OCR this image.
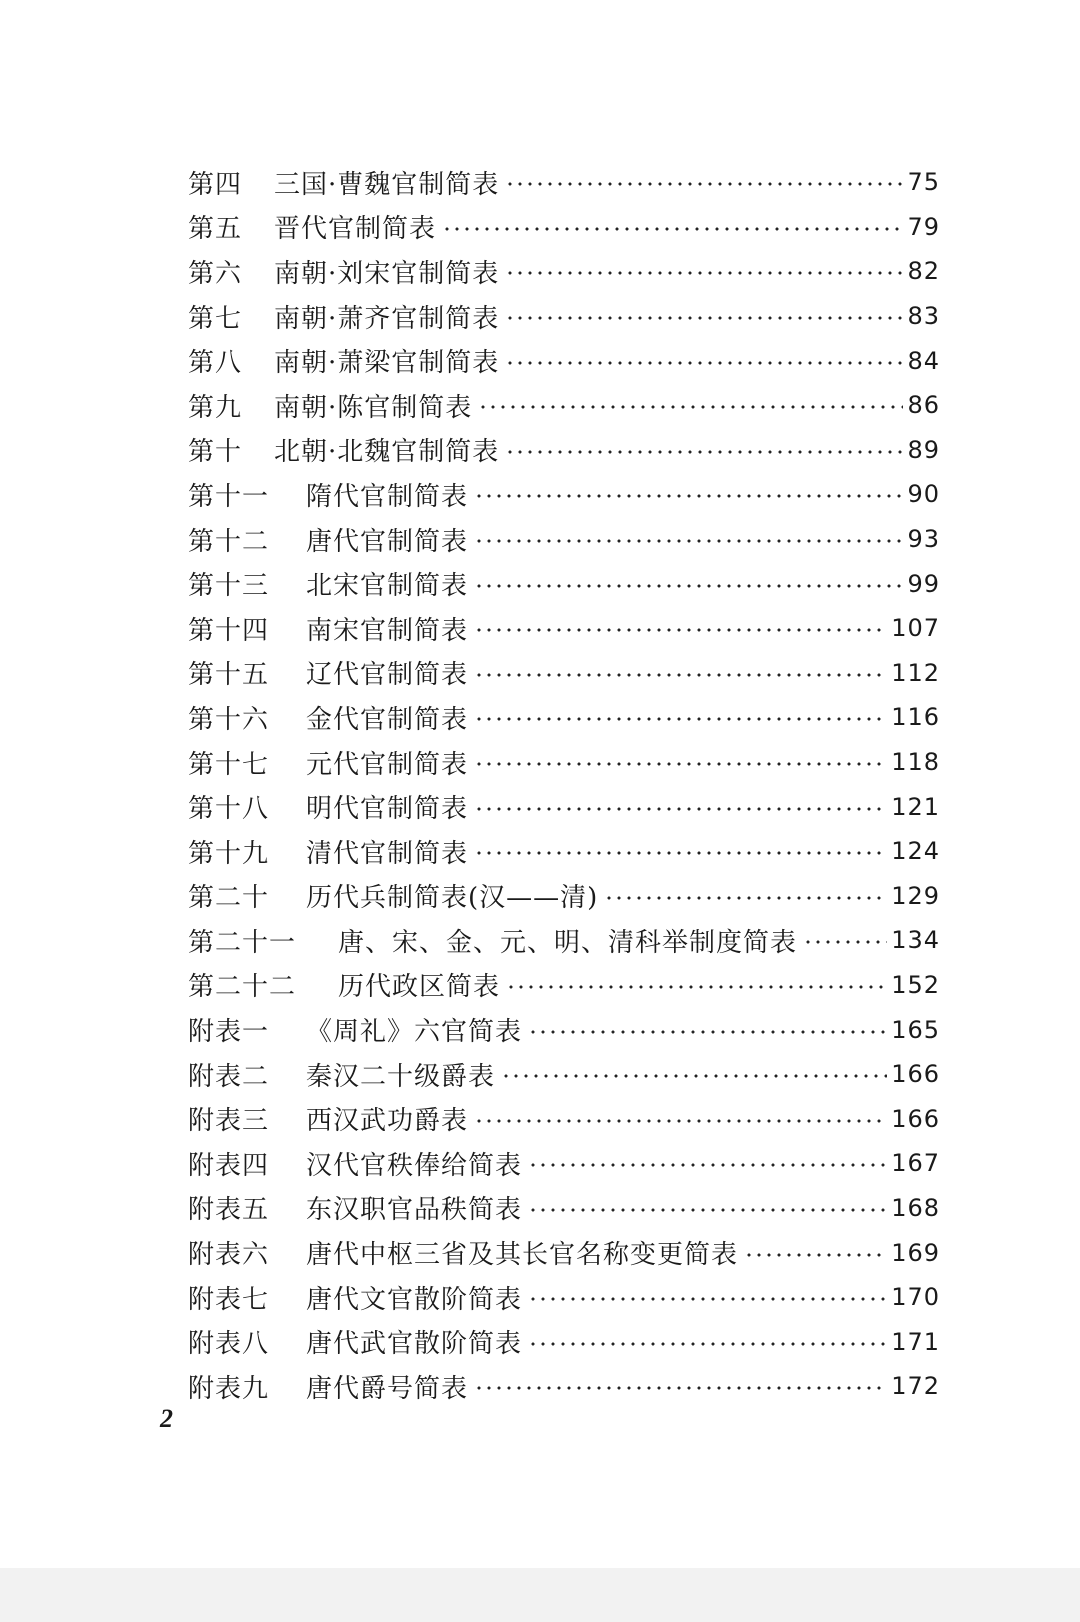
第四	三国·曹魏官制简表	75
第五	晋代官制简表	79
第六	南朝·刘宋官制简表	82
第七	南朝·萧齐官制简表	83
第八	南朝·萧梁官制简表	84
第九	南朝·陈官制简表	86
第十	北朝·北魏官制简表	89
第十一	隋代官制简表	90
第十二	唐代官制简表	93
第十三	北宋官制简表	99
第十四	南宋官制简表	107
第十五	辽代官制简表	112
第十六	金代官制简表	116
第十七	元代官制简表	118
第十八	明代官制简表	121
第十九	清代官制简表	124
第二十	历代兵制简表(汉——清)	129
第二十一	唐、宋、金、元、明、清科举制度简表	134
第二十二	历代政区简表	152
附表一	《周礼》六官简表	165
附表二	秦汉二十级爵表	166
附表三	西汉武功爵表	166
附表四	汉代官秩俸给简表	167
附表五	东汉职官品秩简表	168
附表六	唐代中枢三省及其长官名称变更简表	169
附表七	唐代文官散阶简表	170
附表八	唐代武官散阶简表	171
附表九	唐代爵号简表	172
2
